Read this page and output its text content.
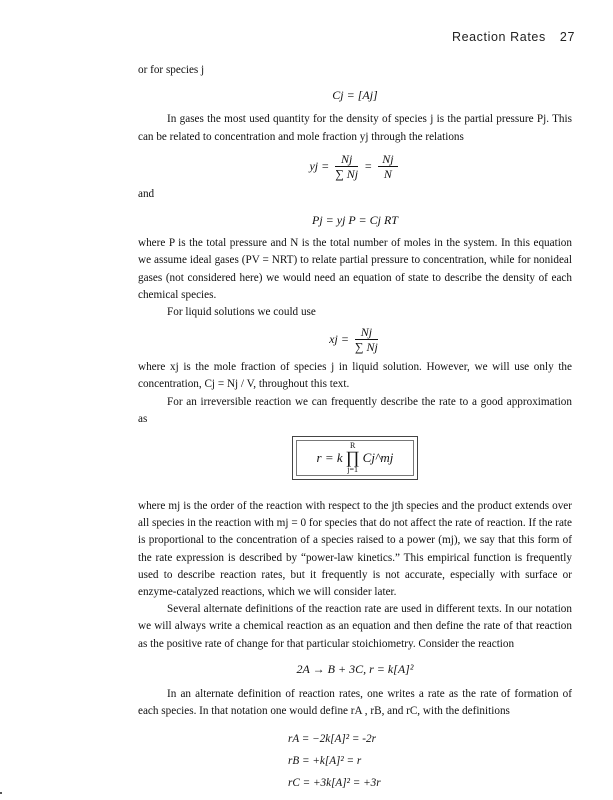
Reaction Rates 27

or for species j

Cj = [Aj]

In gases the most used quantity for the density of species j is the partial pressure Pj. This can be related to concentration and mole fraction yj through the relations

yj = $\frac{Nj}{\sum Nj} = \frac{Nj}{N}$

and

Pj = yj P = Cj RT

where P is the total pressure and N is the total number of moles in the system. In this equation we assume ideal gases (PV = NRT) to relate partial pressure to concentration, while for nonideal gases (not considered here) we would need an equation of state to describe the density of each chemical species.

For liquid solutions we could use

xj = $\frac{Nj}{\sum Nj}$

where xj is the mole fraction of species j in liquid solution. However, we will use only the concentration, Cj = Nj / V, throughout this text.

For an irreversible reaction we can frequently describe the rate to a good approximation as

r = k
R
∏
j=1
Cj^mj

where mj is the order of the reaction with respect to the jth species and the product extends over all species in the reaction with mj = 0 for species that do not affect the rate of reaction. If the rate is proportional to the concentration of a species raised to a power (mj), we say that this form of the rate expression is described by “power-law kinetics.” This empirical function is frequently used to describe reaction rates, but it frequently is not accurate, especially with surface or enzyme-catalyzed reactions, which we will consider later.

Several alternate definitions of the reaction rate are used in different texts. In our notation we will always write a chemical reaction as an equation and then define the rate of that reaction as the positive rate of change for that particular stoichiometry. Consider the reaction

2A → B + 3C, r = k[A]²

In an alternate definition of reaction rates, one writes a rate as the rate of formation of each species. In that notation one would define rA , rB, and rC, with the definitions

rA = −2k[A]² = -2r
rB = +k[A]² = r
rC = +3k[A]² = +3r
